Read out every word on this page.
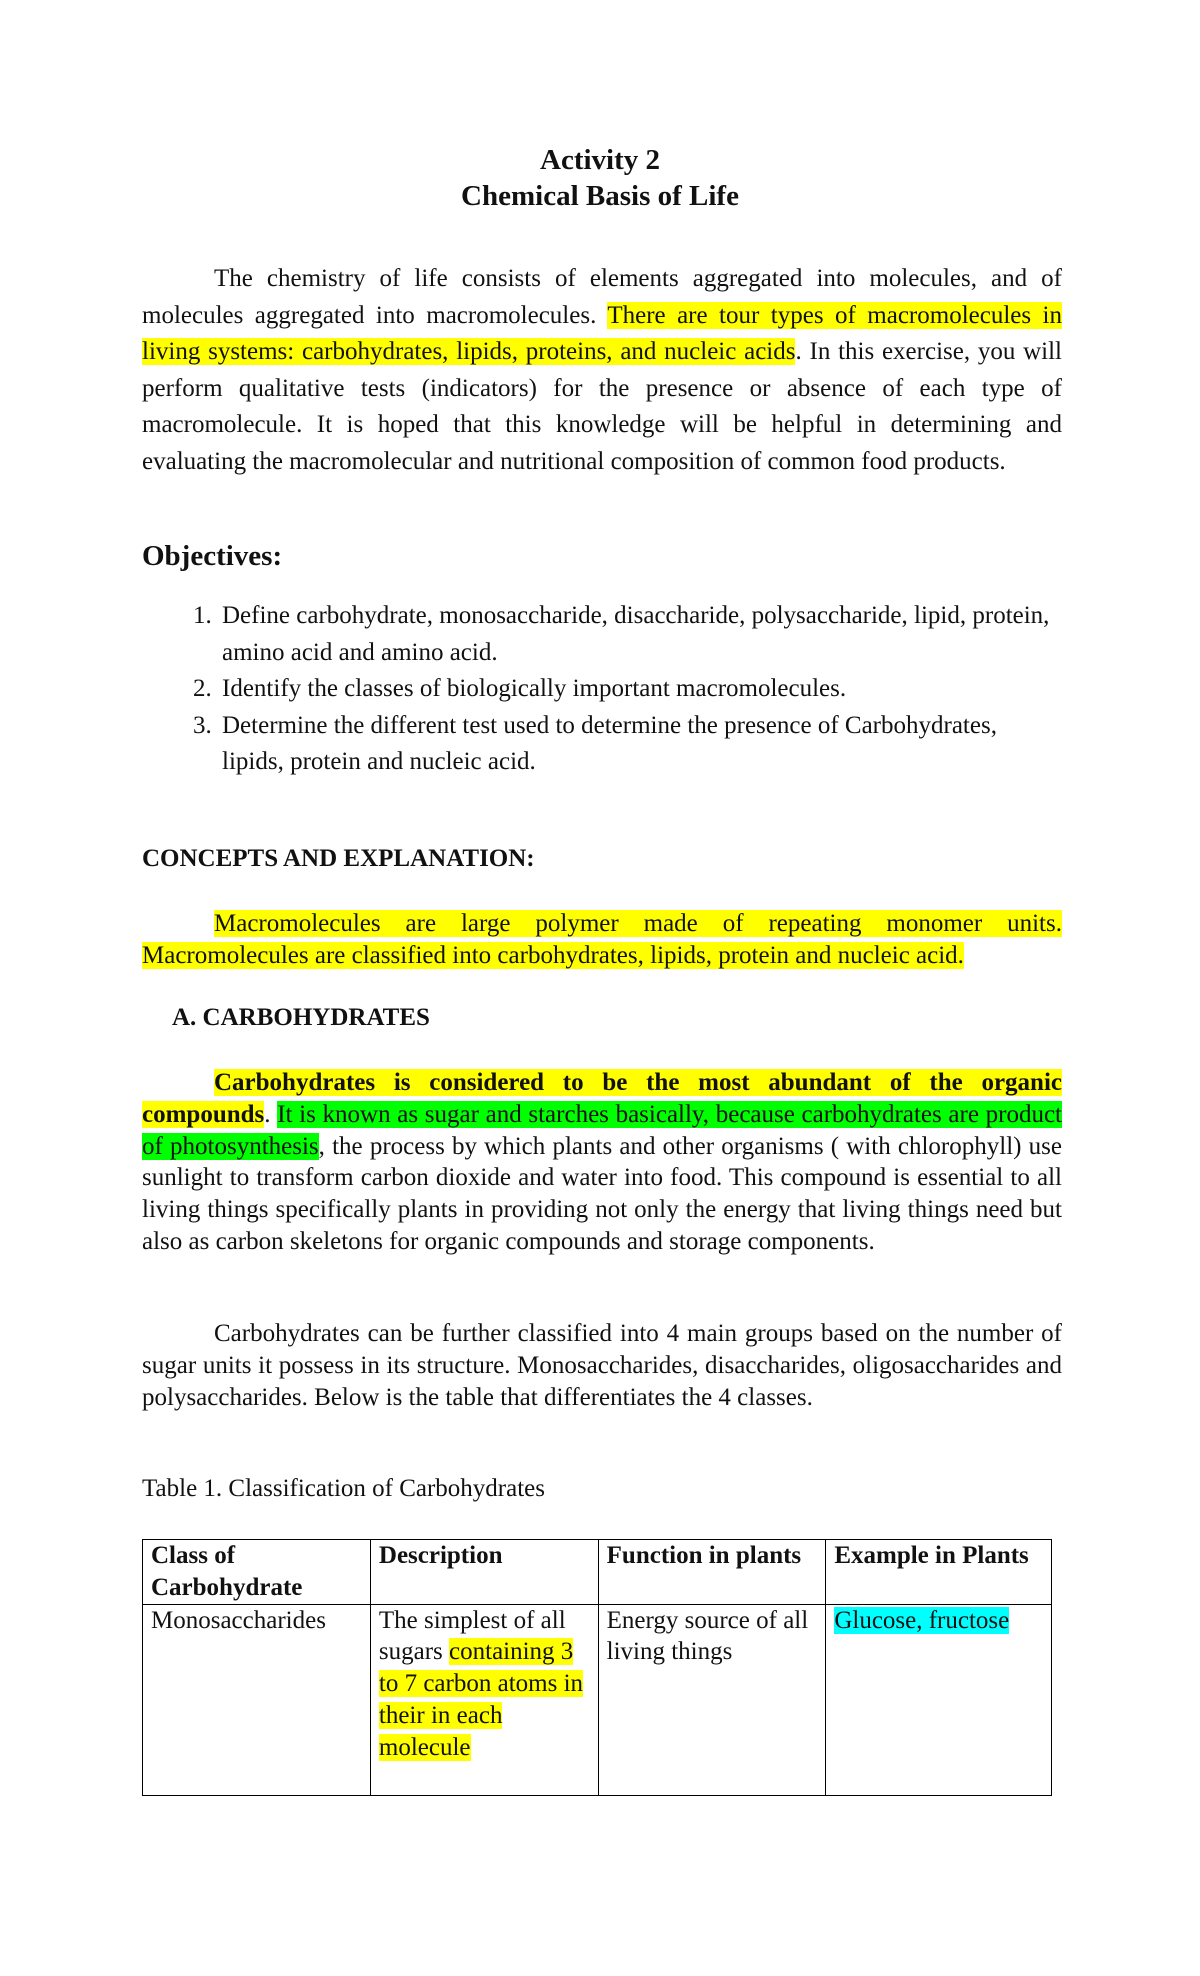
Activity 2
Chemical Basis of Life

The chemistry of life consists of elements aggregated into molecules, and of molecules aggregated into macromolecules. There are tour types of macromolecules in living systems: carbohydrates, lipids, proteins, and nucleic acids. In this exercise, you will perform qualitative tests (indicators) for the presence or absence of each type of macromolecule. It is hoped that this knowledge will be helpful in determining and evaluating the macromolecular and nutritional composition of common food products.

Objectives:
1. Define carbohydrate, monosaccharide, disaccharide, polysaccharide, lipid, protein, amino acid and amino acid.
2. Identify the classes of biologically important macromolecules.
3. Determine the different test used to determine the presence of Carbohydrates, lipids, protein and nucleic acid.
CONCEPTS AND EXPLANATION:

Macromolecules are large polymer made of repeating monomer units. Macromolecules are classified into carbohydrates, lipids, protein and nucleic acid.

A. CARBOHYDRATES

Carbohydrates is considered to be the most abundant of the organic compounds. It is known as sugar and starches basically, because carbohydrates are product of photosynthesis, the process by which plants and other organisms ( with chlorophyll) use sunlight to transform carbon dioxide and water into food. This compound is essential to all living things specifically plants in providing not only the energy that living things need but also as carbon skeletons for organic compounds and storage components.

Carbohydrates can be further classified into 4 main groups based on the number of sugar units it possess in its structure. Monosaccharides, disaccharides, oligosaccharides and polysaccharides. Below is the table that differentiates the 4 classes.

Table 1. Classification of Carbohydrates
Class of Carbohydrate	Description	Function in plants	Example in Plants
Monosaccharides	The simplest of all sugars containing 3 to 7 carbon atoms in their in each molecule	Energy source of all living things	Glucose, fructose
